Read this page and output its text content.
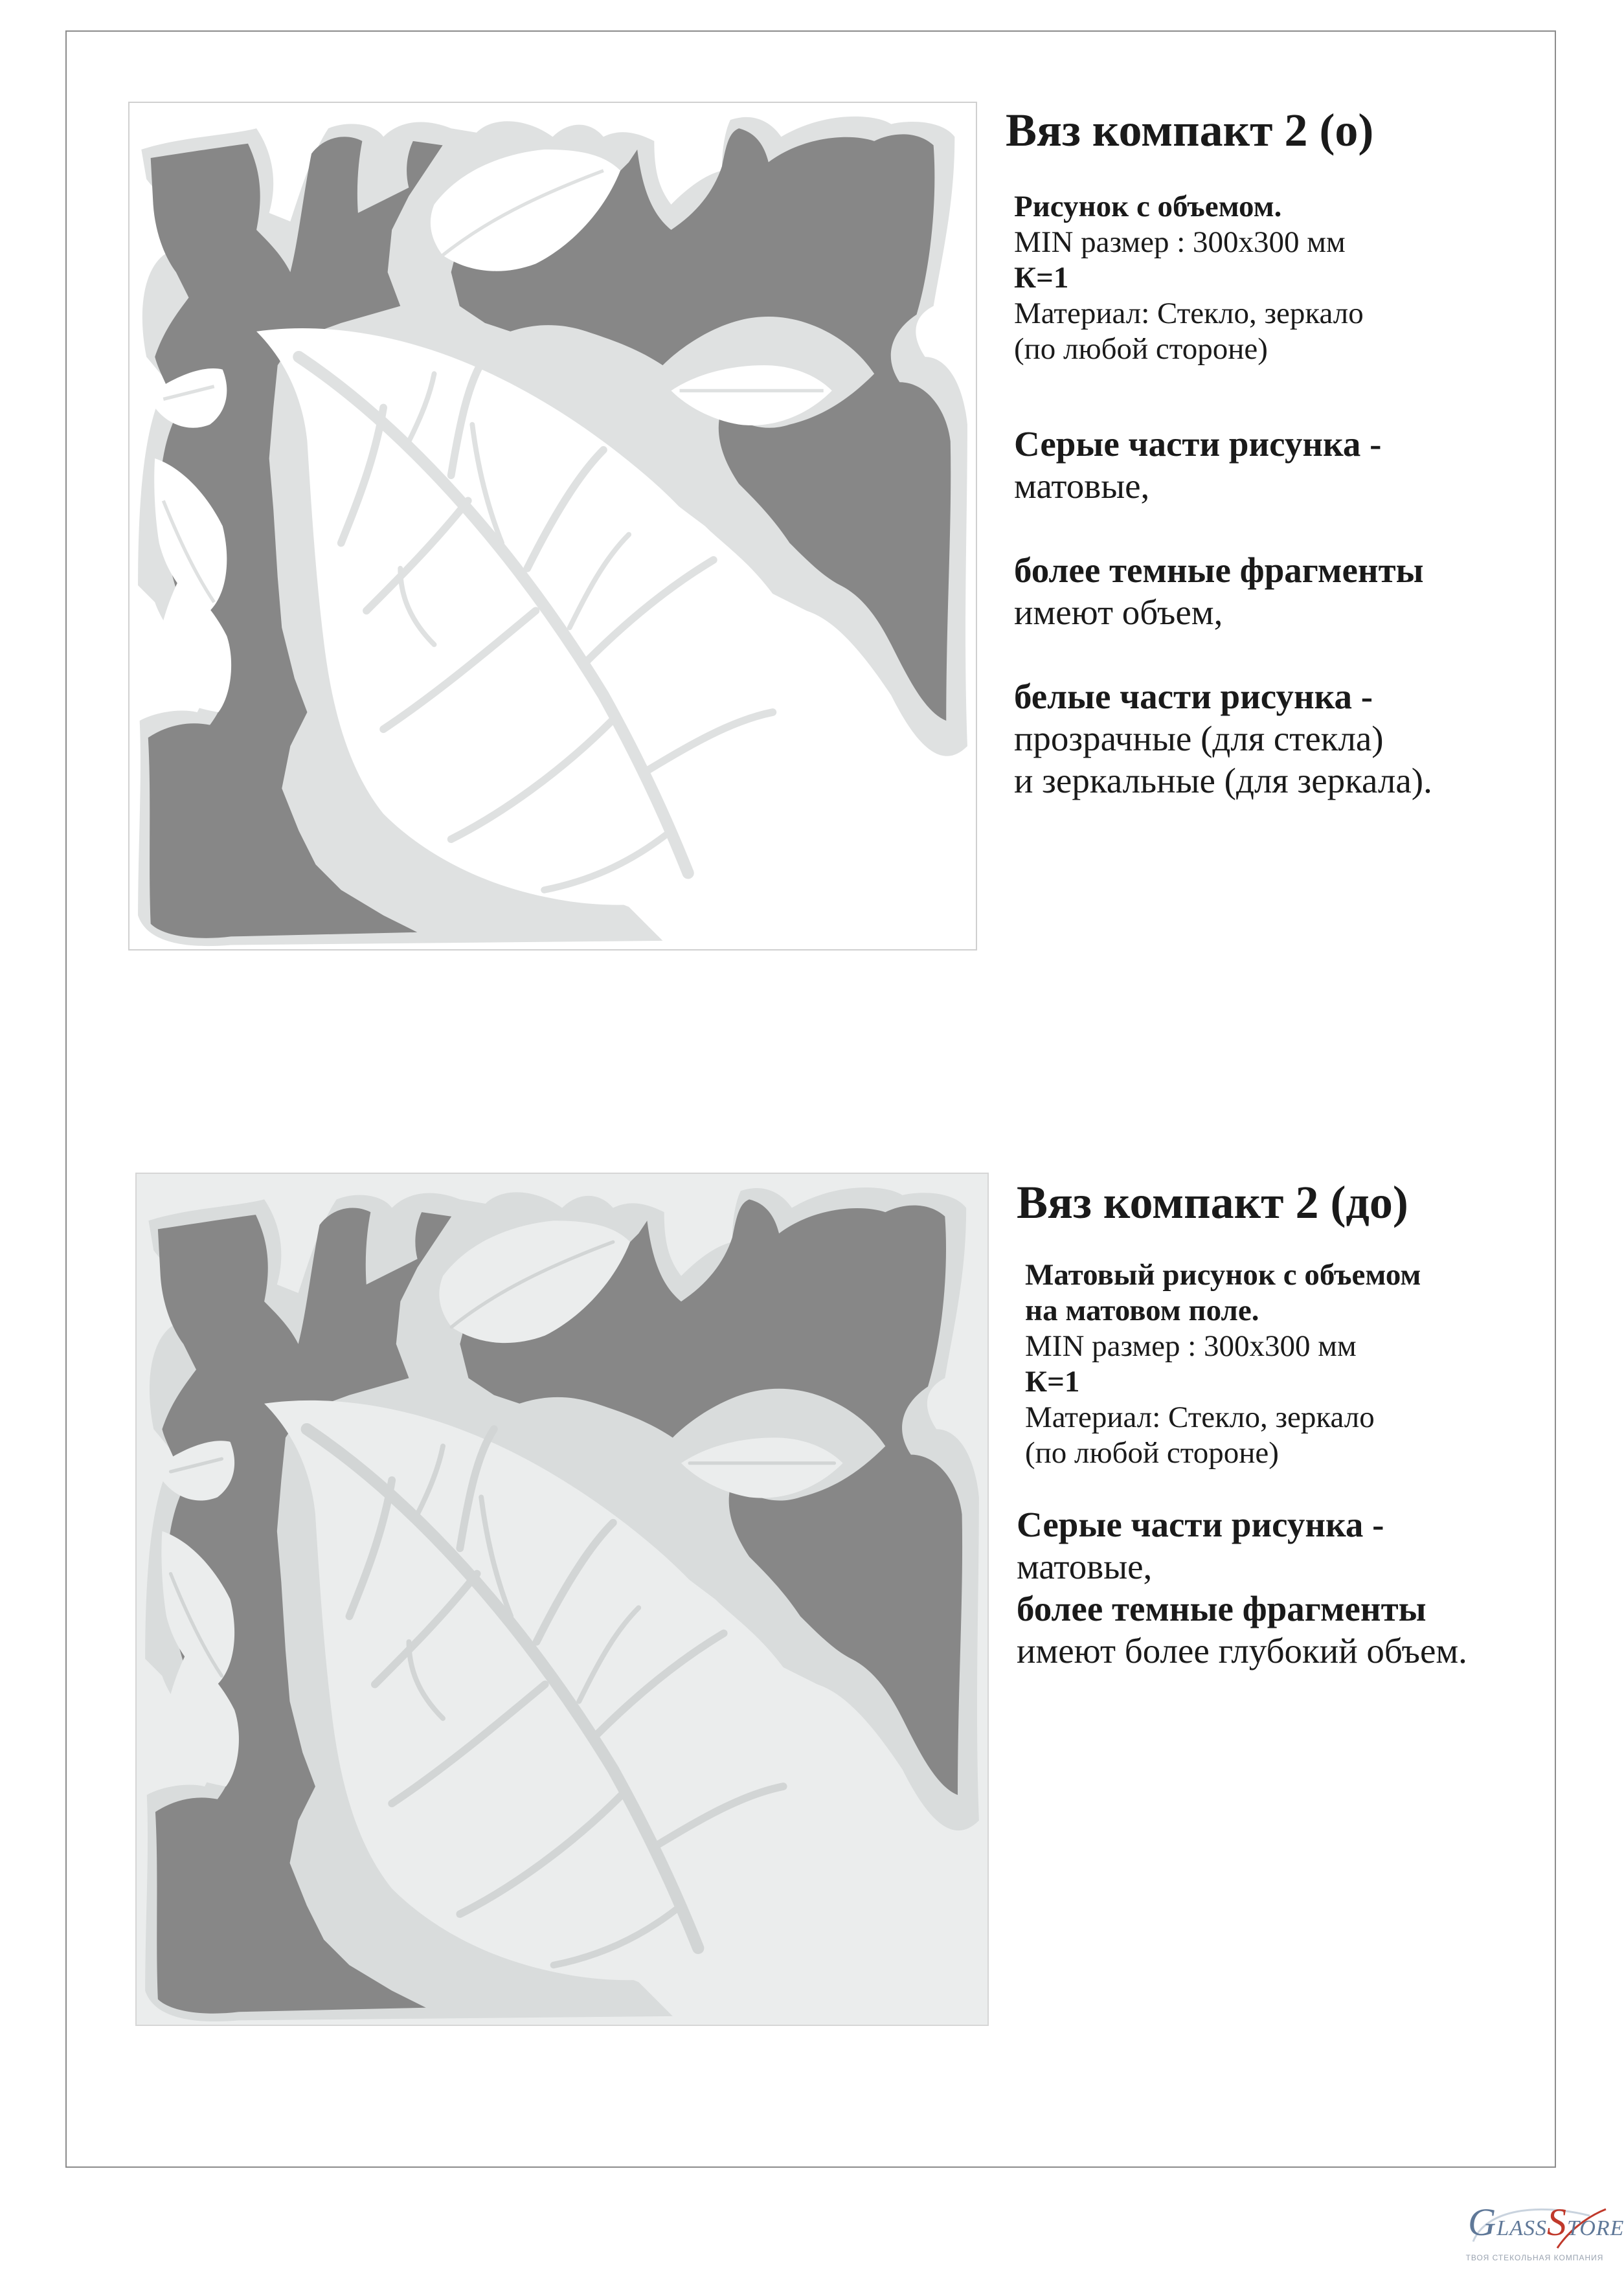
Вяз компакт 2 (о)
Рисунок с объемом.
MIN размер : 300х300 мм
К=1
Материал: Стекло, зеркало
(по любой стороне)
Серые части рисунка -
матовые,
более темные фрагменты
имеют объем,
белые части рисунка -
прозрачные (для стекла)
и зеркальные (для зеркала).
Вяз компакт 2 (до)
Матовый рисунок с объемом
на матовом поле.
MIN размер : 300х300 мм
К=1
Материал: Стекло, зеркало
(по любой стороне)
Серые части рисунка -
матовые,
более темные фрагменты
имеют более глубокий объем.
GLASSSTORE
ТВОЯ СТЕКОЛЬНАЯ КОМПАНИЯ
